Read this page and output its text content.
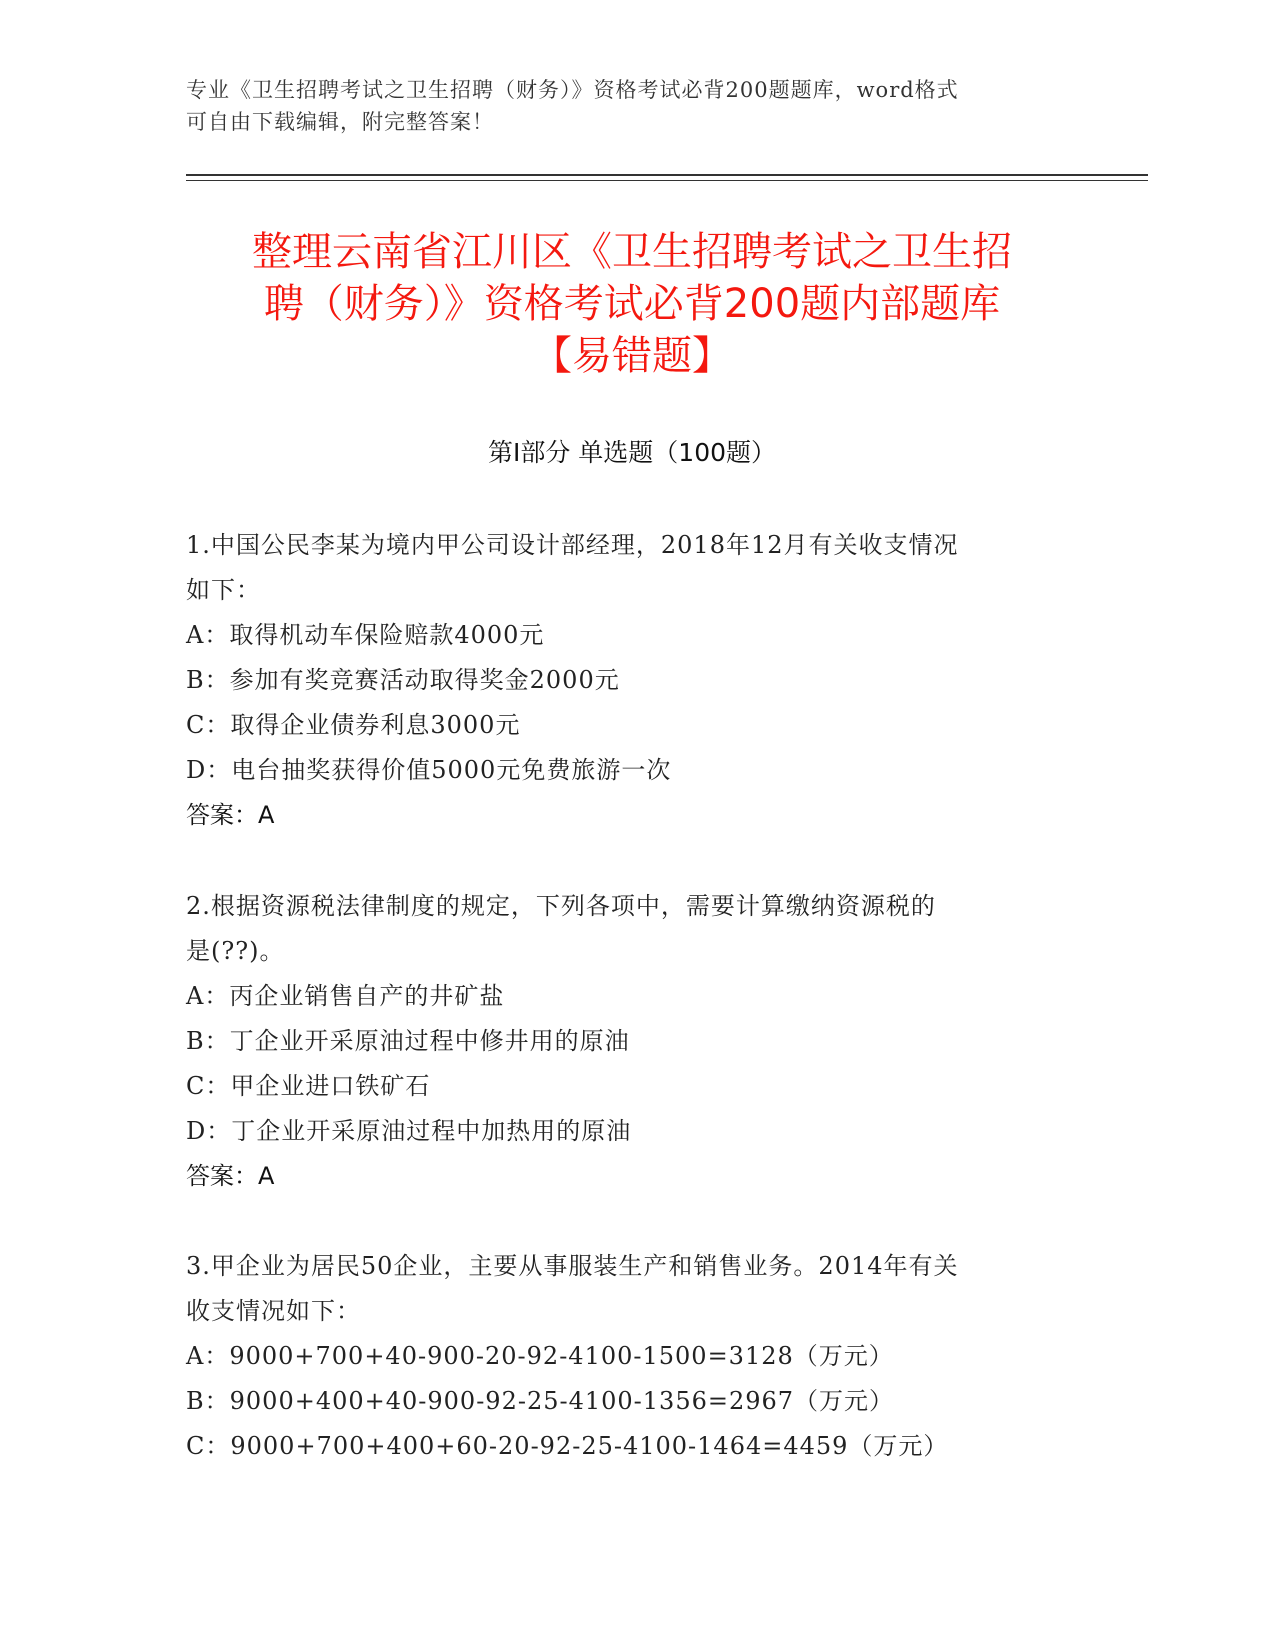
专业《卫生招聘考试之卫生招聘（财务）》资格考试必背200题题库，word格式
可自由下载编辑，附完整答案！
整理云南省江川区《卫生招聘考试之卫生招
聘（财务）》资格考试必背200题内部题库
【易错题】
第I部分 单选题（100题）
1.中国公民李某为境内甲公司设计部经理，2018年12月有关收支情况
如下：
A：取得机动车保险赔款4000元
B：参加有奖竞赛活动取得奖金2000元
C：取得企业债券利息3000元
D：电台抽奖获得价值5000元免费旅游一次
答案：A
2.根据资源税法律制度的规定，下列各项中，需要计算缴纳资源税的
是(??)。
A：丙企业销售自产的井矿盐
B：丁企业开采原油过程中修井用的原油
C：甲企业进口铁矿石
D：丁企业开采原油过程中加热用的原油
答案：A
3.甲企业为居民50企业，主要从事服装生产和销售业务。2014年有关
收支情况如下：
A：9000+700+40-900-20-92-4100-1500=3128（万元）
B：9000+400+40-900-92-25-4100-1356=2967（万元）
C：9000+700+400+60-20-92-25-4100-1464=4459（万元）
